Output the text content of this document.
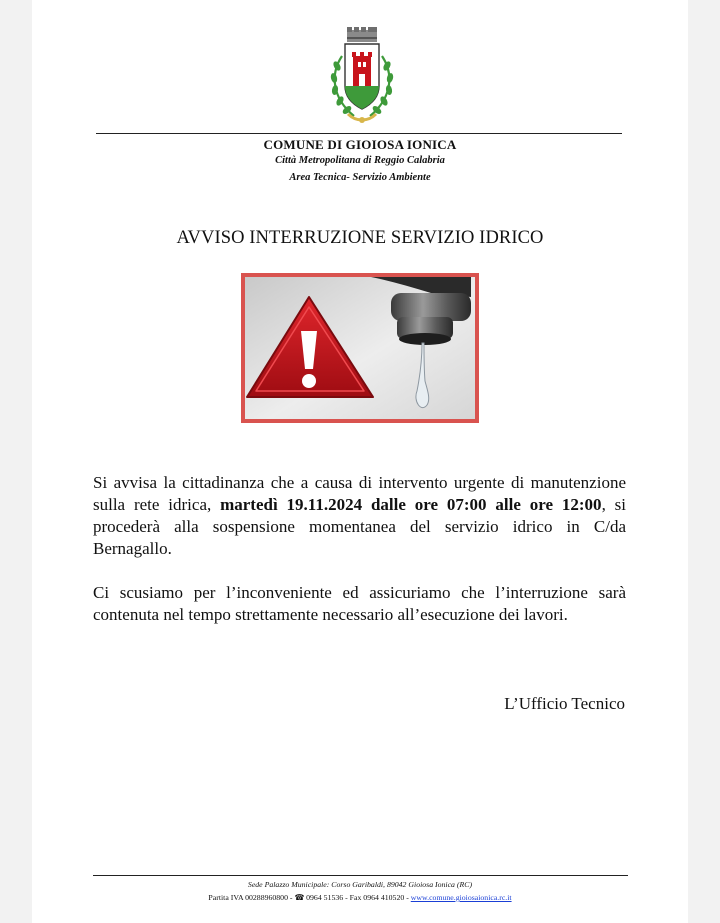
COMUNE DI GIOIOSA IONICA
Città Metropolitana di Reggio Calabria
Area Tecnica- Servizio Ambiente
AVVISO INTERRUZIONE SERVIZIO IDRICO

Si avvisa la cittadinanza che a causa di intervento urgente di manutenzione sulla rete idrica, martedì 19.11.2024 dalle ore 07:00 alle ore 12:00, si procederà alla sospensione momentanea del servizio idrico in C/da Bernagallo.

Ci scusiamo per l’inconveniente ed assicuriamo che l’interruzione sarà contenuta nel tempo strettamente necessario all’esecuzione dei lavori.

L’Ufficio Tecnico
Sede Palazzo Municipale: Corso Garibaldi, 89042 Gioiosa Ionica (RC)
Partita IVA 00288960800 - ☎ 0964 51536 - Fax 0964 410520 - www.comune.gioiosaionica.rc.it
